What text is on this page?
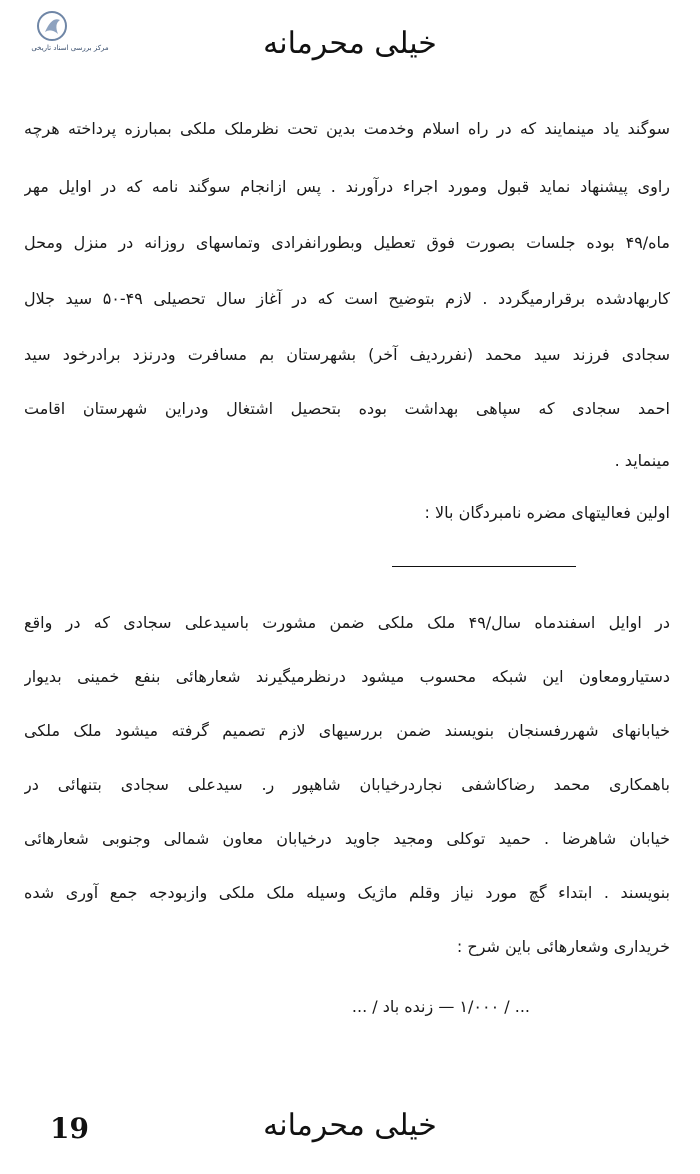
مرکز بررسی اسناد تاریخی	خیلی محرمانه
سوگند یاد مینمایند که در راه اسلام وخدمت بدین تحت نظرملک ملکی بمبارزه پرداخته هرچه
راوی پیشنهاد نماید قبول ومورد اجراء درآورند . پس ازانجام سوگند نامه که در اوایل مهر
ماه/۴۹ بوده جلسات بصورت فوق تعطیل وبطورانفرادی وتماسهای روزانه در منزل ومحل
کاربهادشده برقرارمیگردد . لازم بتوضیح است که در آغاز سال تحصیلی ۴۹-۵۰ سید جلال
سجادی فرزند سید محمد (نفرردیف آخر) بشهرستان بم مسافرت ودرنزد برادرخود سید
احمد سجادی که سپاهی بهداشت بوده بتحصیل اشتغال ودراین شهرستان اقامت
مینماید .
اولین فعالیتهای مضره نامبردگان بالا :
در اوایل اسفندماه سال/۴۹ ملک ملکی ضمن مشورت باسیدعلی سجادی که در واقع
دستیارومعاون این شبکه محسوب میشود درنظرمیگیرند شعارهائی بنفع خمینی بدیوار
خیابانهای شهررفسنجان بنویسند ضمن بررسیهای لازم تصمیم گرفته میشود ملک ملکی
باهمکاری محمد رضاکاشفی نجاردرخیابان شاهپور ر. سیدعلی سجادی بتنهائی در
خیابان شاهرضا . حمید توکلی ومجید جاوید درخیابان معاون شمالی وجنوبی شعارهائی
بنویسند . ابتداء گچ مورد نیاز وقلم ماژیک وسیله ملک ملکی وازبودجه جمع آوری شده
خریداری وشعارهائی باین شرح :
... / ۱/۰۰۰ — زنده باد / ...
19	خیلی محرمانه
